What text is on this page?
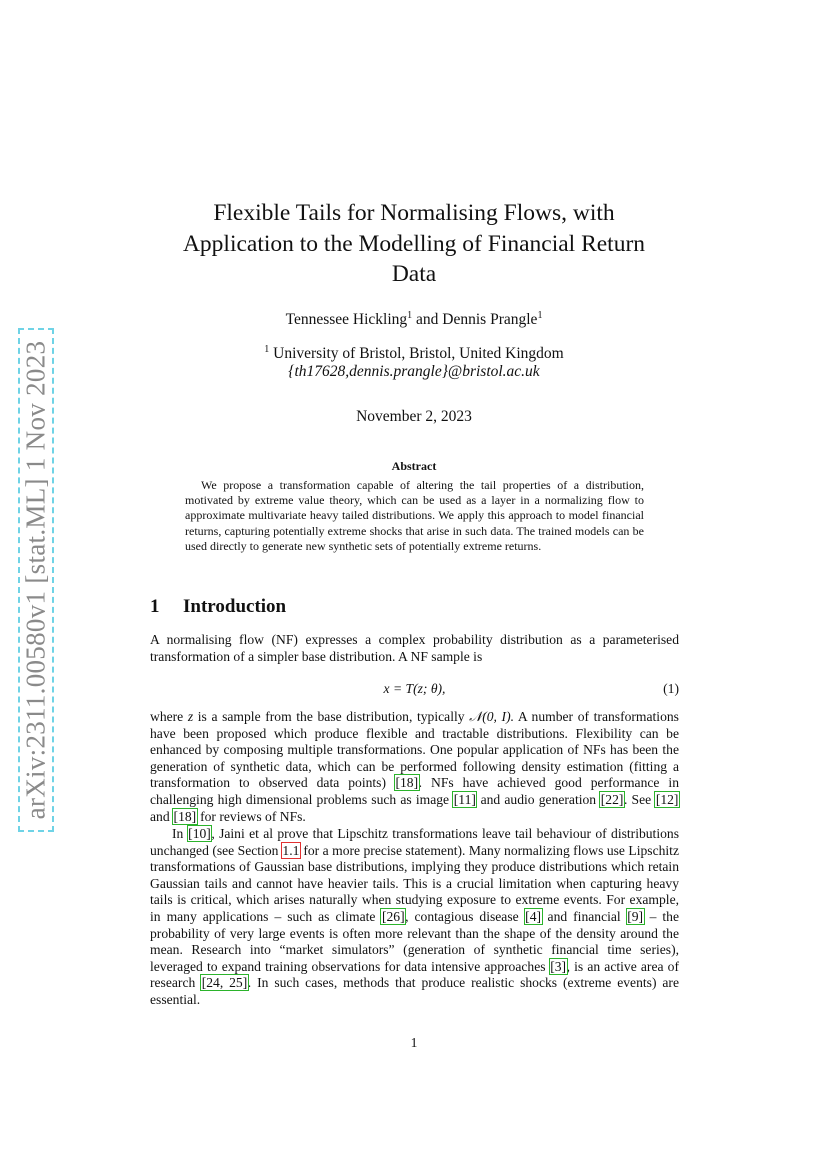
arXiv:2311.00580v1 [stat.ML] 1 Nov 2023
Flexible Tails for Normalising Flows, with
Application to the Modelling of Financial Return
Data
Tennessee Hickling$^1$ and Dennis Prangle$^1$
$^1$ University of Bristol, Bristol, United Kingdom
{th17628,dennis.prangle}@bristol.ac.uk
November 2, 2023
Abstract
We propose a transformation capable of altering the tail properties of a distribution, motivated by extreme value theory, which can be used as a layer in a normalizing flow to approximate multivariate heavy tailed distributions. We apply this approach to model financial returns, capturing potentially extreme shocks that arise in such data. The trained models can be used directly to generate new synthetic sets of potentially extreme returns.
1 Introduction

A normalising flow (NF) expresses a complex probability distribution as a parameterised transformation of a simpler base distribution. A NF sample is

x = T(z; θ),	(1)

where z is a sample from the base distribution, typically 𝒩(0, I). A number of transformations have been proposed which produce flexible and tractable distributions. Flexibility can be enhanced by composing multiple transformations. One popular application of NFs has been the generation of synthetic data, which can be performed following density estimation (fitting a transformation to observed data points) [18]. NFs have achieved good performance in challenging high dimensional problems such as image [11] and audio generation [22]. See [12] and [18] for reviews of NFs.

In [10], Jaini et al prove that Lipschitz transformations leave tail behaviour of distributions unchanged (see Section 1.1 for a more precise statement). Many normalizing flows use Lipschitz transformations of Gaussian base distributions, implying they produce distributions which retain Gaussian tails and cannot have heavier tails. This is a crucial limitation when capturing heavy tails is critical, which arises naturally when studying exposure to extreme events. For example, in many applications – such as climate [26], contagious disease [4] and financial [9] – the probability of very large events is often more relevant than the shape of the density around the mean. Research into “market simulators” (generation of synthetic financial time series), leveraged to expand training observations for data intensive approaches [3], is an active area of research [24, 25]. In such cases, methods that produce realistic shocks (extreme events) are essential.

1
